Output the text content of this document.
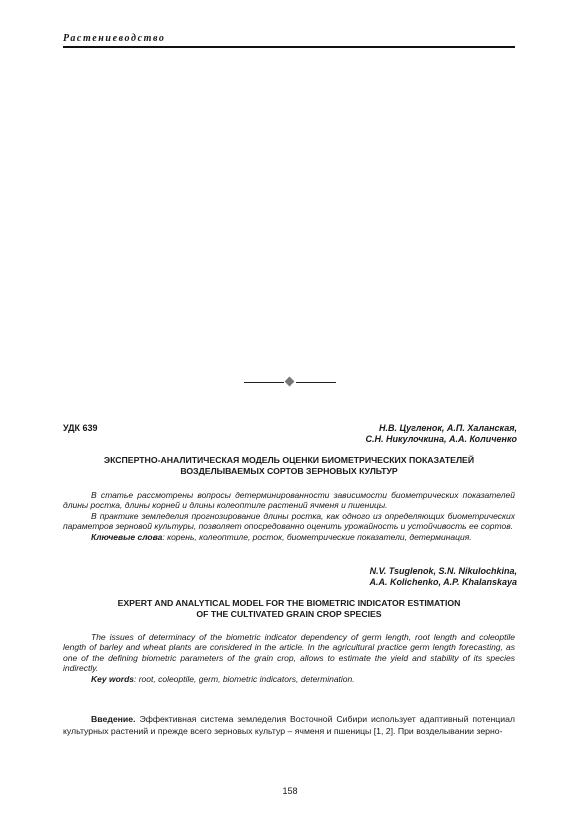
Растениеводство
УДК 639	Н.В. Цугленок, А.П. Халанская,
С.Н. Никулочкина, А.А. Количенко
ЭКСПЕРТНО-АНАЛИТИЧЕСКАЯ МОДЕЛЬ ОЦЕНКИ БИОМЕТРИЧЕСКИХ ПОКАЗАТЕЛЕЙ
ВОЗДЕЛЫВАЕМЫХ СОРТОВ ЗЕРНОВЫХ КУЛЬТУР

В статье рассмотрены вопросы детерминированности зависимости биометрических показателей длины ростка, длины корней и длины колеоптиле растений ячменя и пшеницы.

В практике земледелия прогнозирование длины ростка, как одного из определяющих биометрических параметров зерновой культуры, позволяет опосредованно оценить урожайность и устойчивость ее сортов.

Ключевые слова: корень, колеоптиле, росток, биометрические показатели, детерминация.

N.V. Tsuglenok, S.N. Nikulochkina,
A.A. Kolichenko, A.P. Khalanskaya
EXPERT AND ANALYTICAL MODEL FOR THE BIOMETRIC INDICATOR ESTIMATION
OF THE CULTIVATED GRAIN CROP SPECIES

The issues of determinacy of the biometric indicator dependency of germ length, root length and coleoptile length of barley and wheat plants are considered in the article. In the agricultural practice germ length forecasting, as one of the defining biometric parameters of the grain crop, allows to estimate the yield and stability of its species indirectly.

Key words: root, coleoptile, germ, biometric indicators, determination.

Введение. Эффективная система земледелия Восточной Сибири использует адаптивный потенциал культурных растений и прежде всего зерновых культур – ячменя и пшеницы [1, 2]. При возделывании зерно-

158
